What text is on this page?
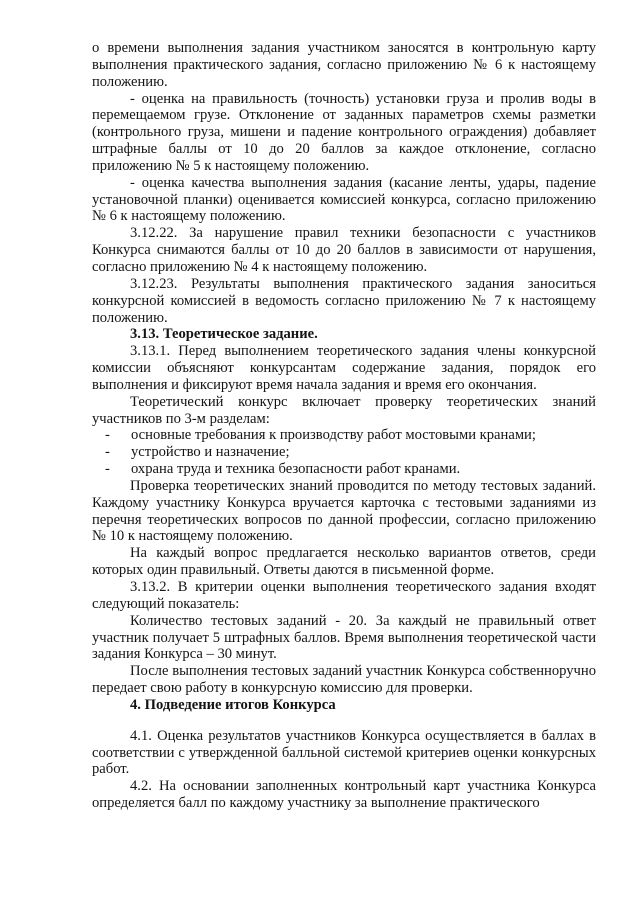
о времени выполнения задания участником заносятся в контрольную карту выполнения практического задания, согласно приложению № 6 к настоящему положению.

- оценка на правильность (точность) установки груза и пролив воды в перемещаемом грузе. Отклонение от заданных параметров схемы разметки (контрольного груза, мишени и падение контрольного ограждения) добавляет штрафные баллы от 10 до 20 баллов за каждое отклонение, согласно приложению № 5 к настоящему положению.

- оценка качества выполнения задания (касание ленты, удары, падение установочной планки) оценивается комиссией конкурса, согласно приложению № 6 к настоящему положению.

3.12.22. За нарушение правил техники безопасности с участников Конкурса снимаются баллы от 10 до 20 баллов в зависимости от нарушения, согласно приложению № 4 к настоящему положению.

3.12.23. Результаты выполнения практического задания заноситься конкурсной комиссией в ведомость согласно приложению № 7 к настоящему положению.

3.13. Теоретическое задание.

3.13.1. Перед выполнением теоретического задания члены конкурсной комиссии объясняют конкурсантам содержание задания, порядок его выполнения и фиксируют время начала задания и время его окончания.

Теоретический конкурс включает проверку теоретических знаний участников по 3-м разделам:

- основные требования к производству работ мостовыми кранами;
- устройство и назначение;
- охрана труда и техника безопасности работ кранами.

Проверка теоретических знаний проводится по методу тестовых заданий. Каждому участнику Конкурса вручается карточка с тестовыми заданиями из перечня теоретических вопросов по данной профессии, согласно приложению № 10 к настоящему положению.

На каждый вопрос предлагается несколько вариантов ответов, среди которых один правильный. Ответы даются в письменной форме.

3.13.2. В критерии оценки выполнения теоретического задания входят следующий показатель:

Количество тестовых заданий - 20. За каждый не правильный ответ участник получает 5 штрафных баллов. Время выполнения теоретической части задания Конкурса – 30 минут.

После выполнения тестовых заданий участник Конкурса собственноручно передает свою работу в конкурсную комиссию для проверки.

4. Подведение итогов Конкурса

4.1. Оценка результатов участников Конкурса осуществляется в баллах в соответствии с утвержденной балльной системой критериев оценки конкурсных работ.

4.2. На основании заполненных контрольный карт участника Конкурса определяется балл по каждому участнику за выполнение практического
